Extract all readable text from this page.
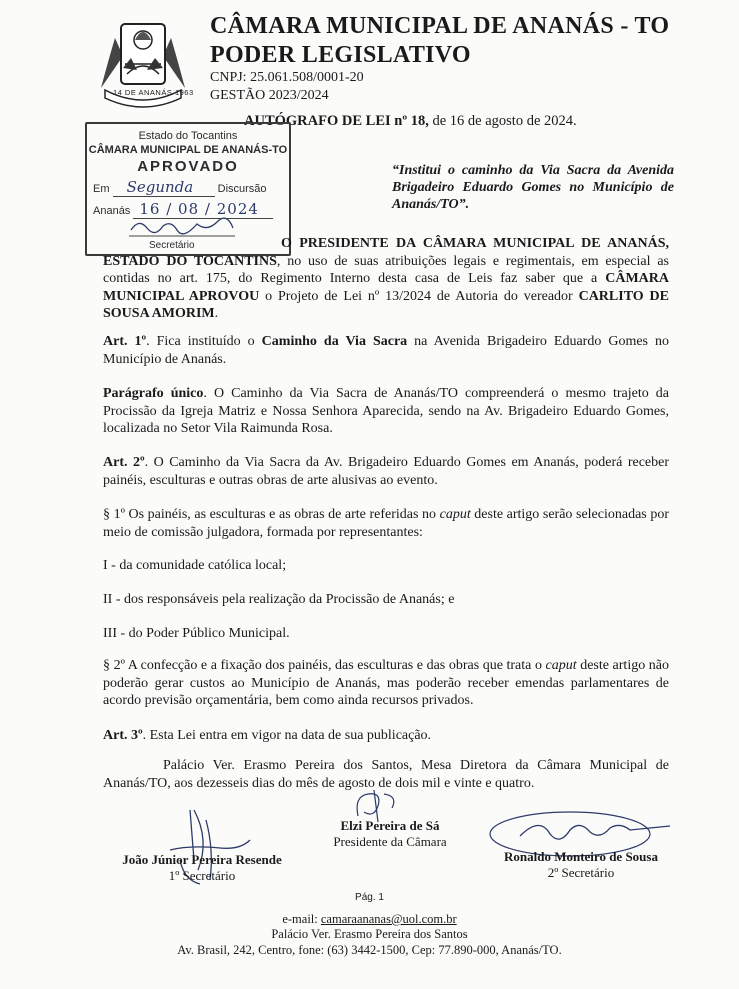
14 DE ANANÁS 1963
CÂMARA MUNICIPAL DE ANANÁS - TO
PODER LEGISLATIVO
CNPJ: 25.061.508/0001-20
GESTÃO 2023/2024
AUTÓGRAFO DE LEI nº 18, de 16 de agosto de 2024.
Estado do Tocantins
CÂMARA MUNICIPAL DE ANANÁS-TO
APROVADO
Em Segunda Discursão
Ananás 16 / 08 / 2024
Secretário
“Institui o caminho da Via Sacra da Avenida Brigadeiro Eduardo Gomes no Município de Ananás/TO”.
O PRESIDENTE DA CÂMARA MUNICIPAL DE ANANÁS, ESTADO DO TOCANTINS, no uso de suas atribuições legais e regimentais, em especial as contidas no art. 175, do Regimento Interno desta casa de Leis faz saber que a CÂMARA MUNICIPAL APROVOU o Projeto de Lei nº 13/2024 de Autoria do vereador CARLITO DE SOUSA AMORIM.
Art. 1º. Fica instituído o Caminho da Via Sacra na Avenida Brigadeiro Eduardo Gomes no Município de Ananás.
Parágrafo único. O Caminho da Via Sacra de Ananás/TO compreenderá o mesmo trajeto da Procissão da Igreja Matriz e Nossa Senhora Aparecida, sendo na Av. Brigadeiro Eduardo Gomes, localizada no Setor Vila Raimunda Rosa.
Art. 2º. O Caminho da Via Sacra da Av. Brigadeiro Eduardo Gomes em Ananás, poderá receber painéis, esculturas e outras obras de arte alusivas ao evento.
§ 1º Os painéis, as esculturas e as obras de arte referidas no caput deste artigo serão selecionadas por meio de comissão julgadora, formada por representantes:
I - da comunidade católica local;
II - dos responsáveis pela realização da Procissão de Ananás; e
III - do Poder Público Municipal.
§ 2º A confecção e a fixação dos painéis, das esculturas e das obras que trata o caput deste artigo não poderão gerar custos ao Município de Ananás, mas poderão receber emendas parlamentares de acordo previsão orçamentária, bem como ainda recursos privados.
Art. 3º. Esta Lei entra em vigor na data de sua publicação.
Palácio Ver. Erasmo Pereira dos Santos, Mesa Diretora da Câmara Municipal de Ananás/TO, aos dezesseis dias do mês de agosto de dois mil e vinte e quatro.
Elzi Pereira de Sá
Presidente da Câmara
João Júnior Pereira Resende
1º Secretário
Ronaldo Monteiro de Sousa
2º Secretário
Pág. 1
e-mail: camaraananas@uol.com.br
Palácio Ver. Erasmo Pereira dos Santos
Av. Brasil, 242, Centro, fone: (63) 3442-1500, Cep: 77.890-000, Ananás/TO.
